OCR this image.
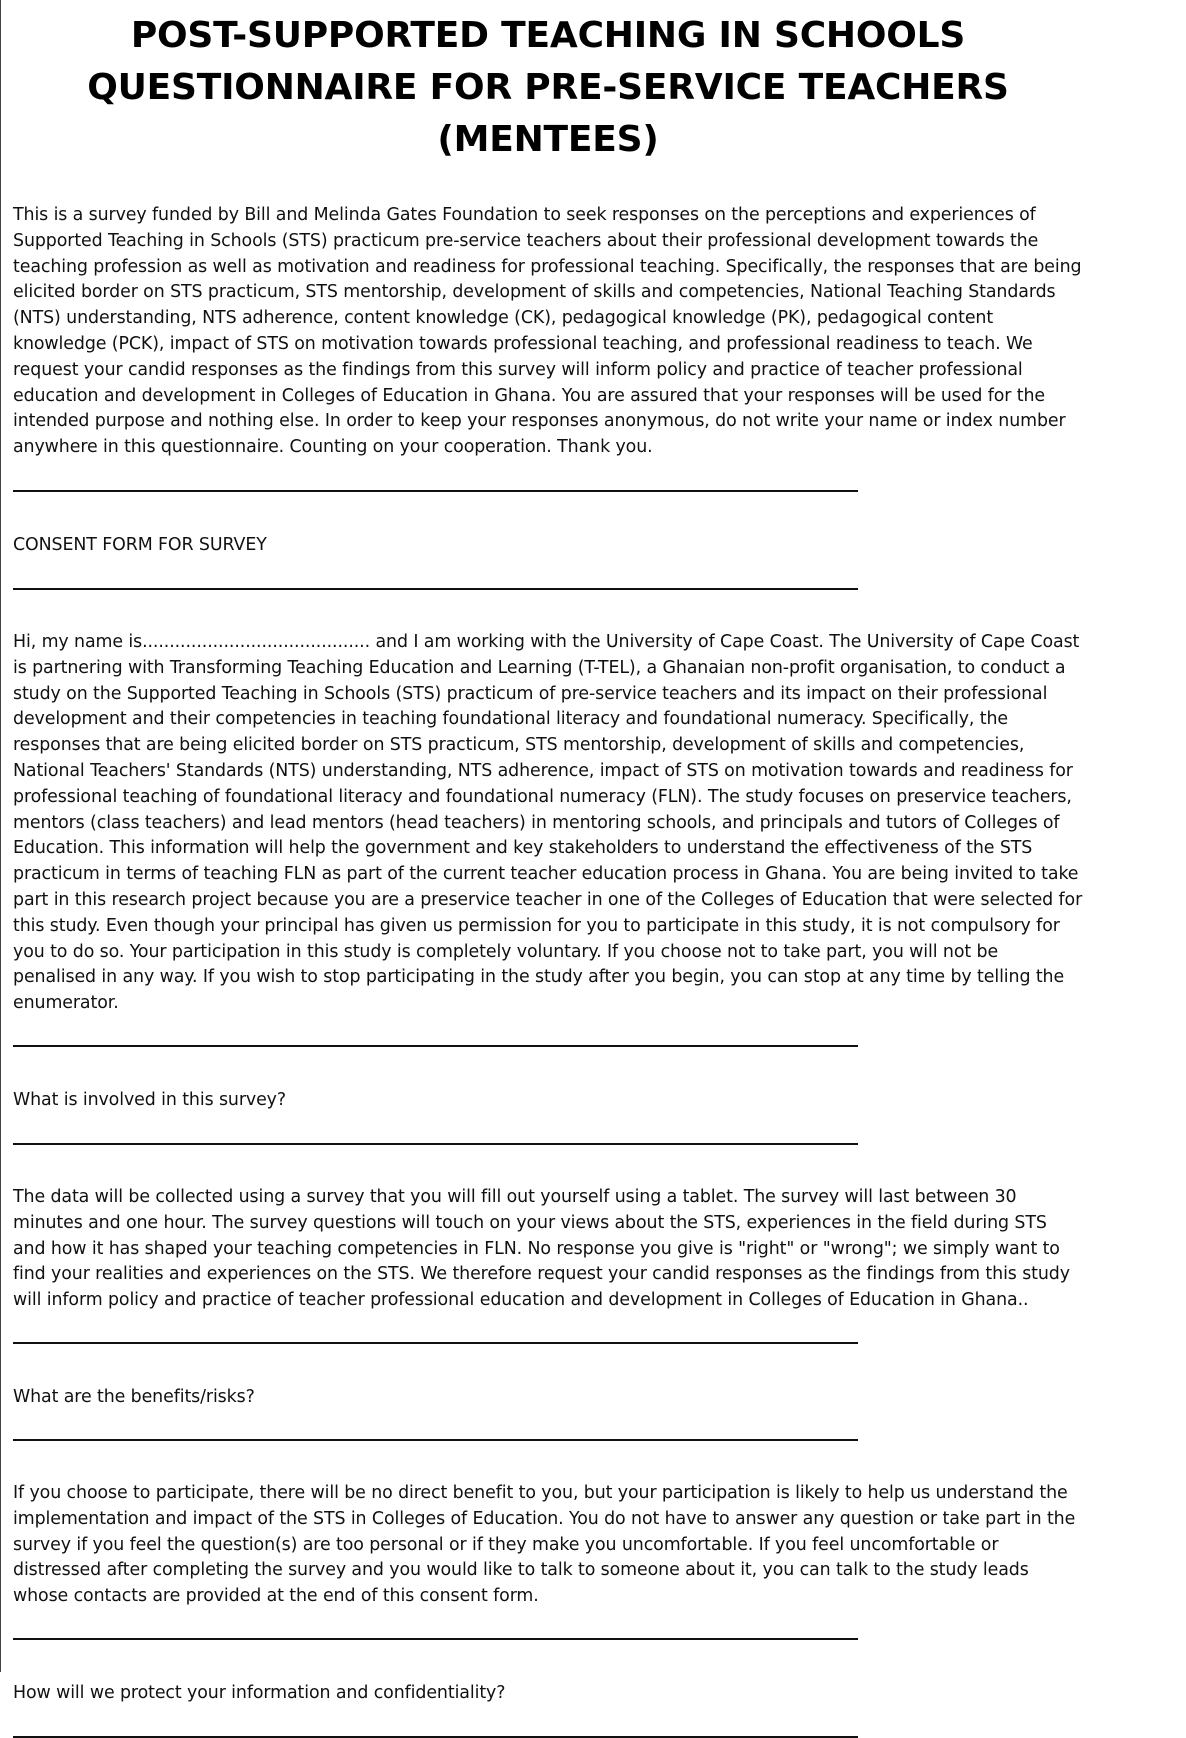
POST-SUPPORTED TEACHING IN SCHOOLS QUESTIONNAIRE FOR PRE-SERVICE TEACHERS (MENTEES)

This is a survey funded by Bill and Melinda Gates Foundation to seek responses on the perceptions and experiences of Supported Teaching in Schools (STS) practicum pre-service teachers about their professional development towards the teaching profession as well as motivation and readiness for professional teaching. Specifically, the responses that are being elicited border on STS practicum, STS mentorship, development of skills and competencies, National Teaching Standards (NTS) understanding, NTS adherence, content knowledge (CK), pedagogical knowledge (PK), pedagogical content knowledge (PCK), impact of STS on motivation towards professional teaching, and professional readiness to teach. We request your candid responses as the findings from this survey will inform policy and practice of teacher professional education and development in Colleges of Education in Ghana. You are assured that your responses will be used for the intended purpose and nothing else. In order to keep your responses anonymous, do not write your name or index number anywhere in this questionnaire. Counting on your cooperation. Thank you.

CONSENT FORM FOR SURVEY

Hi, my name is.......................................... and I am working with the University of Cape Coast. The University of Cape Coast is partnering with Transforming Teaching Education and Learning (T-TEL), a Ghanaian non-profit organisation, to conduct a study on the Supported Teaching in Schools (STS) practicum of pre-service teachers and its impact on their professional development and their competencies in teaching foundational literacy and foundational numeracy. Specifically, the responses that are being elicited border on STS practicum, STS mentorship, development of skills and competencies, National Teachers' Standards (NTS) understanding, NTS adherence, impact of STS on motivation towards and readiness for professional teaching of foundational literacy and foundational numeracy (FLN). The study focuses on preservice teachers, mentors (class teachers) and lead mentors (head teachers) in mentoring schools, and principals and tutors of Colleges of Education. This information will help the government and key stakeholders to understand the effectiveness of the STS practicum in terms of teaching FLN as part of the current teacher education process in Ghana. You are being invited to take part in this research project because you are a preservice teacher in one of the Colleges of Education that were selected for this study. Even though your principal has given us permission for you to participate in this study, it is not compulsory for you to do so. Your participation in this study is completely voluntary. If you choose not to take part, you will not be penalised in any way. If you wish to stop participating in the study after you begin, you can stop at any time by telling the enumerator.

What is involved in this survey?

The data will be collected using a survey that you will fill out yourself using a tablet. The survey will last between 30 minutes and one hour. The survey questions will touch on your views about the STS, experiences in the field during STS and how it has shaped your teaching competencies in FLN. No response you give is "right" or "wrong"; we simply want to find your realities and experiences on the STS. We therefore request your candid responses as the findings from this study will inform policy and practice of teacher professional education and development in Colleges of Education in Ghana..

What are the benefits/risks?

If you choose to participate, there will be no direct benefit to you, but your participation is likely to help us understand the implementation and impact of the STS in Colleges of Education. You do not have to answer any question or take part in the survey if you feel the question(s) are too personal or if they make you uncomfortable. If you feel uncomfortable or distressed after completing the survey and you would like to talk to someone about it, you can talk to the study leads whose contacts are provided at the end of this consent form.

How will we protect your information and confidentiality?
